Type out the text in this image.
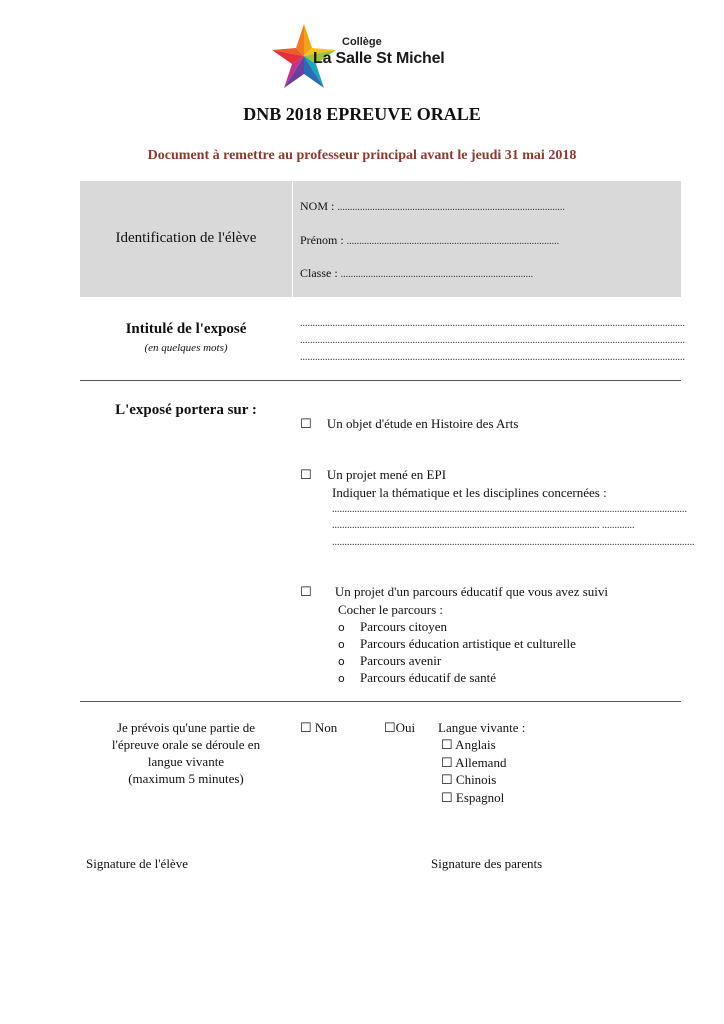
Collège
La Salle St Michel
DNB 2018 EPREUVE ORALE
Document à remettre au professeur principal avant le jeudi 31 mai 2018
Identification de l'élève
NOM : ...........................................................................................
Prénom : .....................................................................................
Classe : .............................................................................
Intitulé de l'exposé
(en quelques mots)
..........................................................................................................................................................
..........................................................................................................................................................
..........................................................................................................................................................
L'exposé portera sur :
☐ Un objet d'étude en Histoire des Arts
☐ Un projet mené en EPI
Indiquer la thématique et les disciplines concernées :
..............................................................................................................................................
........................................................................................................... .............
.................................................................................................................................................
☐ Un projet d'un parcours éducatif que vous avez suivi
Cocher le parcours :
o Parcours citoyen
o Parcours éducation artistique et culturelle
o Parcours avenir
o Parcours éducatif de santé
Je prévois qu'une partie de
l'épreuve orale se déroule en
langue vivante
(maximum 5 minutes)
☐ Non	☐Oui Langue vivante :
☐ Anglais
☐ Allemand
☐ Chinois
☐ Espagnol
Signature de l'élève	Signature des parents
